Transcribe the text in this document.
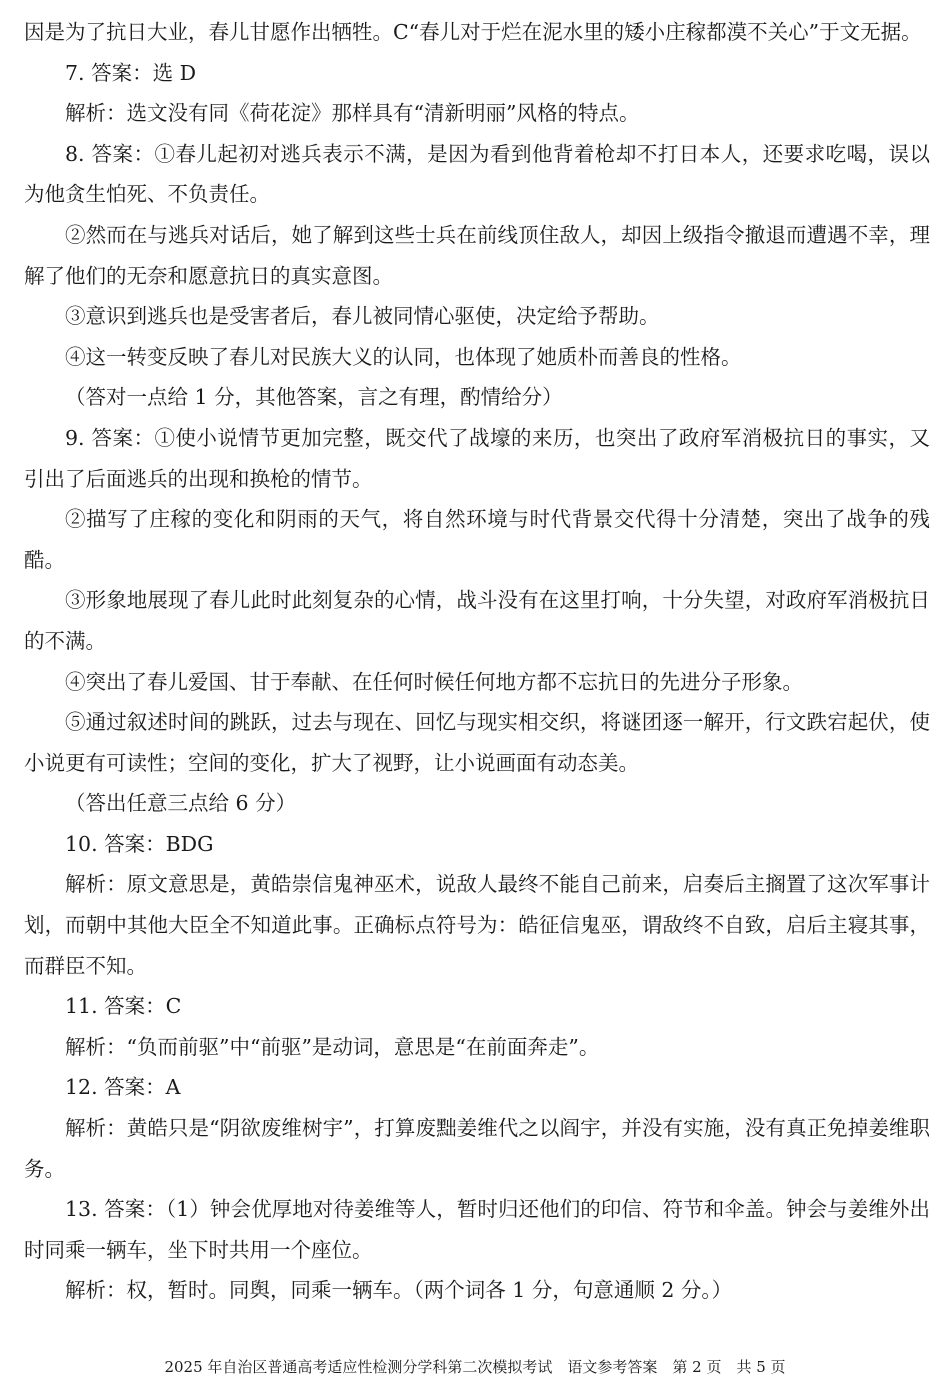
因是为了抗日大业，春儿甘愿作出牺牲。C“春儿对于烂在泥水里的矮小庄稼都漠不关心”于文无据。

7. 答案：选 D

解析：选文没有同《荷花淀》那样具有“清新明丽”风格的特点。

8. 答案：①春儿起初对逃兵表示不满，是因为看到他背着枪却不打日本人，还要求吃喝，误以为他贪生怕死、不负责任。

②然而在与逃兵对话后，她了解到这些士兵在前线顶住敌人，却因上级指令撤退而遭遇不幸，理解了他们的无奈和愿意抗日的真实意图。

③意识到逃兵也是受害者后，春儿被同情心驱使，决定给予帮助。

④这一转变反映了春儿对民族大义的认同，也体现了她质朴而善良的性格。

（答对一点给 1 分，其他答案，言之有理，酌情给分）

9. 答案：①使小说情节更加完整，既交代了战壕的来历，也突出了政府军消极抗日的事实，又引出了后面逃兵的出现和换枪的情节。

②描写了庄稼的变化和阴雨的天气，将自然环境与时代背景交代得十分清楚，突出了战争的残酷。

③形象地展现了春儿此时此刻复杂的心情，战斗没有在这里打响，十分失望，对政府军消极抗日的不满。

④突出了春儿爱国、甘于奉献、在任何时候任何地方都不忘抗日的先进分子形象。

⑤通过叙述时间的跳跃，过去与现在、回忆与现实相交织，将谜团逐一解开，行文跌宕起伏，使小说更有可读性；空间的变化，扩大了视野，让小说画面有动态美。

（答出任意三点给 6 分）

10. 答案：BDG

解析：原文意思是，黄皓崇信鬼神巫术，说敌人最终不能自己前来，启奏后主搁置了这次军事计划，而朝中其他大臣全不知道此事。正确标点符号为：皓征信鬼巫，谓敌终不自致，启后主寝其事，而群臣不知。

11. 答案：C

解析：“负而前驱”中“前驱”是动词，意思是“在前面奔走”。

12. 答案：A

解析：黄皓只是“阴欲废维树宇”，打算废黜姜维代之以阎宇，并没有实施，没有真正免掉姜维职务。

13. 答案：（1）钟会优厚地对待姜维等人，暂时归还他们的印信、符节和伞盖。钟会与姜维外出时同乘一辆车，坐下时共用一个座位。

解析：权，暂时。同舆，同乘一辆车。（两个词各 1 分，句意通顺 2 分。）

2025 年自治区普通高考适应性检测分学科第二次模拟考试　语文参考答案　第 2 页　共 5 页
